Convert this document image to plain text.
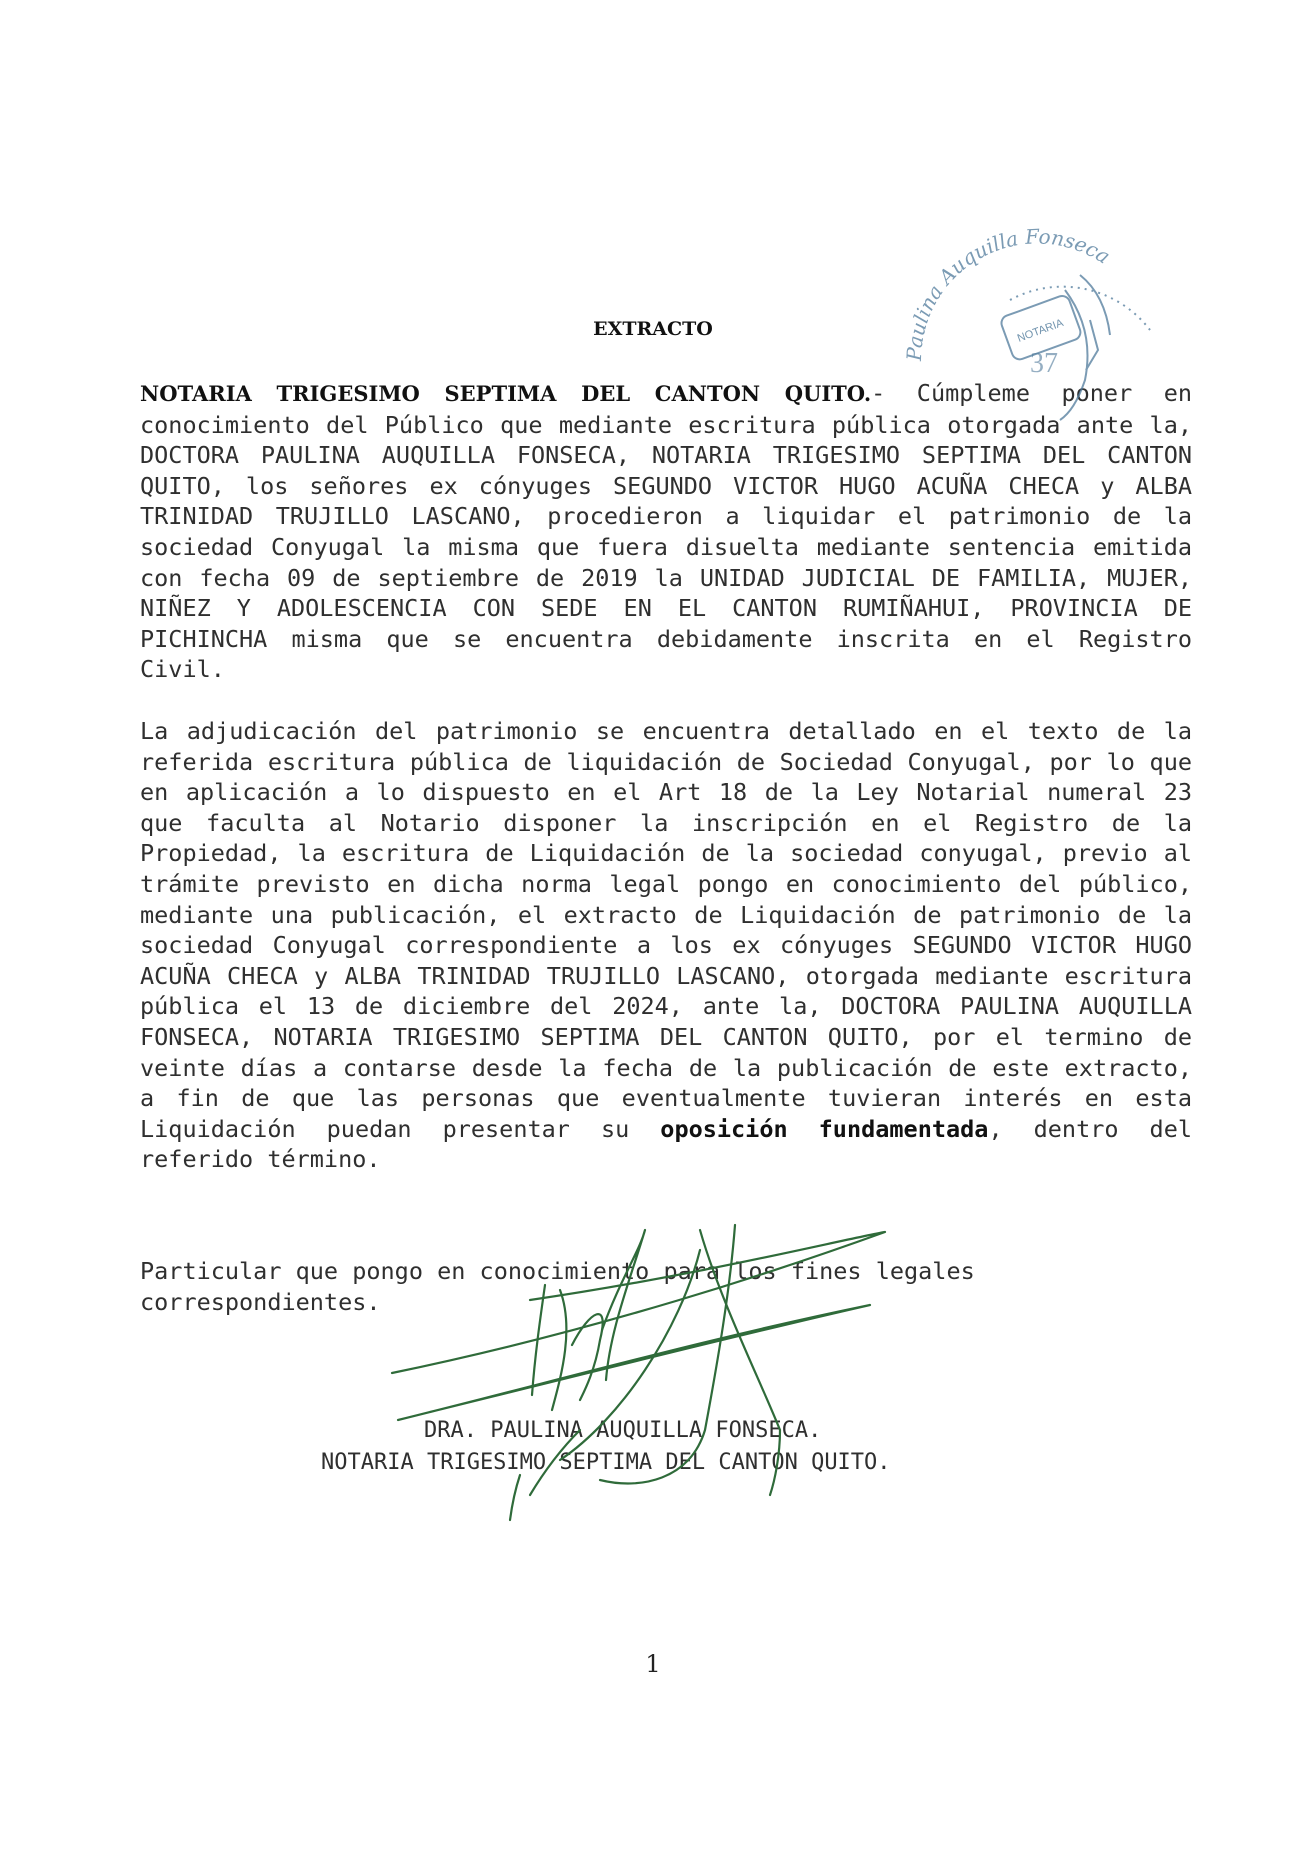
EXTRACTO
NOTARIA TRIGESIMO SEPTIMA DEL CANTON QUITO.- Cúmpleme poner en conocimiento del Público que mediante escritura pública otorgada ante la, DOCTORA PAULINA AUQUILLA FONSECA, NOTARIA TRIGESIMO SEPTIMA DEL CANTON QUITO, los señores ex cónyuges SEGUNDO VICTOR HUGO ACUÑA CHECA y ALBA TRINIDAD TRUJILLO LASCANO, procedieron a liquidar el patrimonio de la sociedad Conyugal la misma que fuera disuelta mediante sentencia emitida con fecha 09 de septiembre de 2019 la UNIDAD JUDICIAL DE FAMILIA, MUJER, NIÑEZ Y ADOLESCENCIA CON SEDE EN EL CANTON RUMIÑAHUI, PROVINCIA DE PICHINCHA misma que se encuentra debidamente inscrita en el Registro Civil.
La adjudicación del patrimonio se encuentra detallado en el texto de la referida escritura pública de liquidación de Sociedad Conyugal, por lo que en aplicación a lo dispuesto en el Art 18 de la Ley Notarial numeral 23 que faculta al Notario disponer la inscripción en el Registro de la Propiedad, la escritura de Liquidación de la sociedad conyugal, previo al trámite previsto en dicha norma legal pongo en conocimiento del público, mediante una publicación, el extracto de Liquidación de patrimonio de la sociedad Conyugal correspondiente a los ex cónyuges SEGUNDO VICTOR HUGO ACUÑA CHECA y ALBA TRINIDAD TRUJILLO LASCANO, otorgada mediante escritura pública el 13 de diciembre del 2024, ante la, DOCTORA PAULINA AUQUILLA FONSECA, NOTARIA TRIGESIMO SEPTIMA DEL CANTON QUITO, por el termino de veinte días a contarse desde la fecha de la publicación de este extracto, a fin de que las personas que eventualmente tuvieran interés en esta Liquidación puedan presentar su oposición fundamentada, dentro del referido término.
Particular que pongo en conocimiento para los fines legales correspondientes.
DRA. PAULINA AUQUILLA FONSECA.
NOTARIA TRIGESIMO SEPTIMA DEL CANTON QUITO.
1
Paulina Auquilla Fonseca
NOTARIA
37
